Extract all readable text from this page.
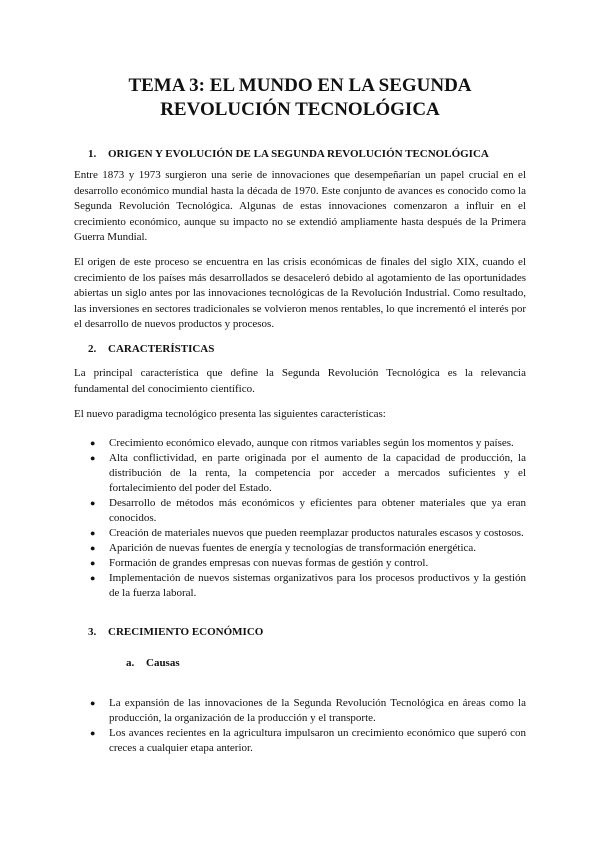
TEMA 3: EL MUNDO EN LA SEGUNDA
REVOLUCIÓN TECNOLÓGICA
1. ORIGEN Y EVOLUCIÓN DE LA SEGUNDA REVOLUCIÓN TECNOLÓGICA

Entre 1873 y 1973 surgieron una serie de innovaciones que desempeñarían un papel crucial en el desarrollo económico mundial hasta la década de 1970. Este conjunto de avances es conocido como la Segunda Revolución Tecnológica. Algunas de estas innovaciones comenzaron a influir en el crecimiento económico, aunque su impacto no se extendió ampliamente hasta después de la Primera Guerra Mundial.

El origen de este proceso se encuentra en las crisis económicas de finales del siglo XIX, cuando el crecimiento de los países más desarrollados se desaceleró debido al agotamiento de las oportunidades abiertas un siglo antes por las innovaciones tecnológicas de la Revolución Industrial. Como resultado, las inversiones en sectores tradicionales se volvieron menos rentables, lo que incrementó el interés por el desarrollo de nuevos productos y procesos.

2. CARACTERÍSTICAS

La principal característica que define la Segunda Revolución Tecnológica es la relevancia fundamental del conocimiento científico.

El nuevo paradigma tecnológico presenta las siguientes características:

● Crecimiento económico elevado, aunque con ritmos variables según los momentos y países.
● Alta conflictividad, en parte originada por el aumento de la capacidad de producción, la distribución de la renta, la competencia por acceder a mercados suficientes y el fortalecimiento del poder del Estado.
● Desarrollo de métodos más económicos y eficientes para obtener materiales que ya eran conocidos.
● Creación de materiales nuevos que pueden reemplazar productos naturales escasos y costosos.
● Aparición de nuevas fuentes de energía y tecnologías de transformación energética.
● Formación de grandes empresas con nuevas formas de gestión y control.
● Implementación de nuevos sistemas organizativos para los procesos productivos y la gestión de la fuerza laboral.
3. CRECIMIENTO ECONÓMICO
a. Causas
● La expansión de las innovaciones de la Segunda Revolución Tecnológica en áreas como la producción, la organización de la producción y el transporte.
● Los avances recientes en la agricultura impulsaron un crecimiento económico que superó con creces a cualquier etapa anterior.
